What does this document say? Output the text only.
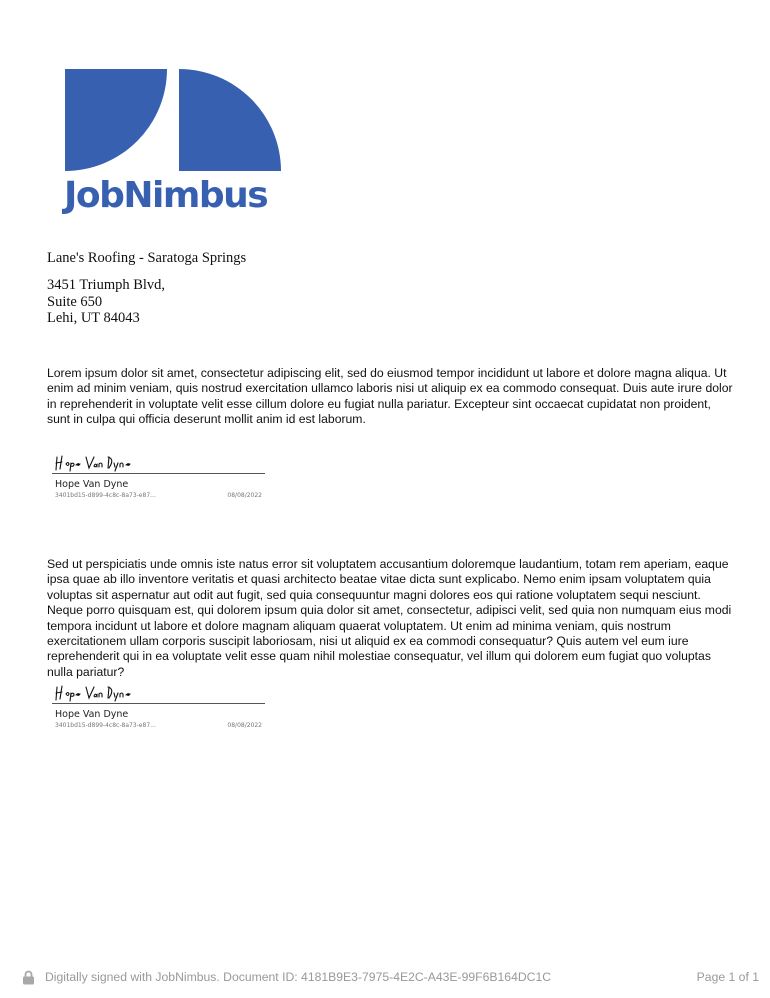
JobNimbus
Lane's Roofing - Saratoga Springs
3451 Triumph Blvd,
Suite 650
Lehi, UT 84043
Lorem ipsum dolor sit amet, consectetur adipiscing elit, sed do eiusmod tempor incididunt ut labore et dolore magna aliqua. Ut enim ad minim veniam, quis nostrud exercitation ullamco laboris nisi ut aliquip ex ea commodo consequat. Duis aute irure dolor in reprehenderit in voluptate velit esse cillum dolore eu fugiat nulla pariatur. Excepteur sint occaecat cupidatat non proident, sunt in culpa qui officia deserunt mollit anim id est laborum.
Hope Van Dyne
3401bd15-d899-4c8c-8a73-e87...	08/08/2022
Sed ut perspiciatis unde omnis iste natus error sit voluptatem accusantium doloremque laudantium, totam rem aperiam, eaque ipsa quae ab illo inventore veritatis et quasi architecto beatae vitae dicta sunt explicabo. Nemo enim ipsam voluptatem quia voluptas sit aspernatur aut odit aut fugit, sed quia consequuntur magni dolores eos qui ratione voluptatem sequi nesciunt. Neque porro quisquam est, qui dolorem ipsum quia dolor sit amet, consectetur, adipisci velit, sed quia non numquam eius modi tempora incidunt ut labore et dolore magnam aliquam quaerat voluptatem. Ut enim ad minima veniam, quis nostrum exercitationem ullam corporis suscipit laboriosam, nisi ut aliquid ex ea commodi consequatur? Quis autem vel eum iure reprehenderit qui in ea voluptate velit esse quam nihil molestiae consequatur, vel illum qui dolorem eum fugiat quo voluptas nulla pariatur?
Hope Van Dyne
3401bd15-d899-4c8c-8a73-e87...	08/08/2022
Digitally signed with JobNimbus. Document ID: 4181B9E3-7975-4E2C-A43E-99F6B164DC1C	Page 1 of 1
